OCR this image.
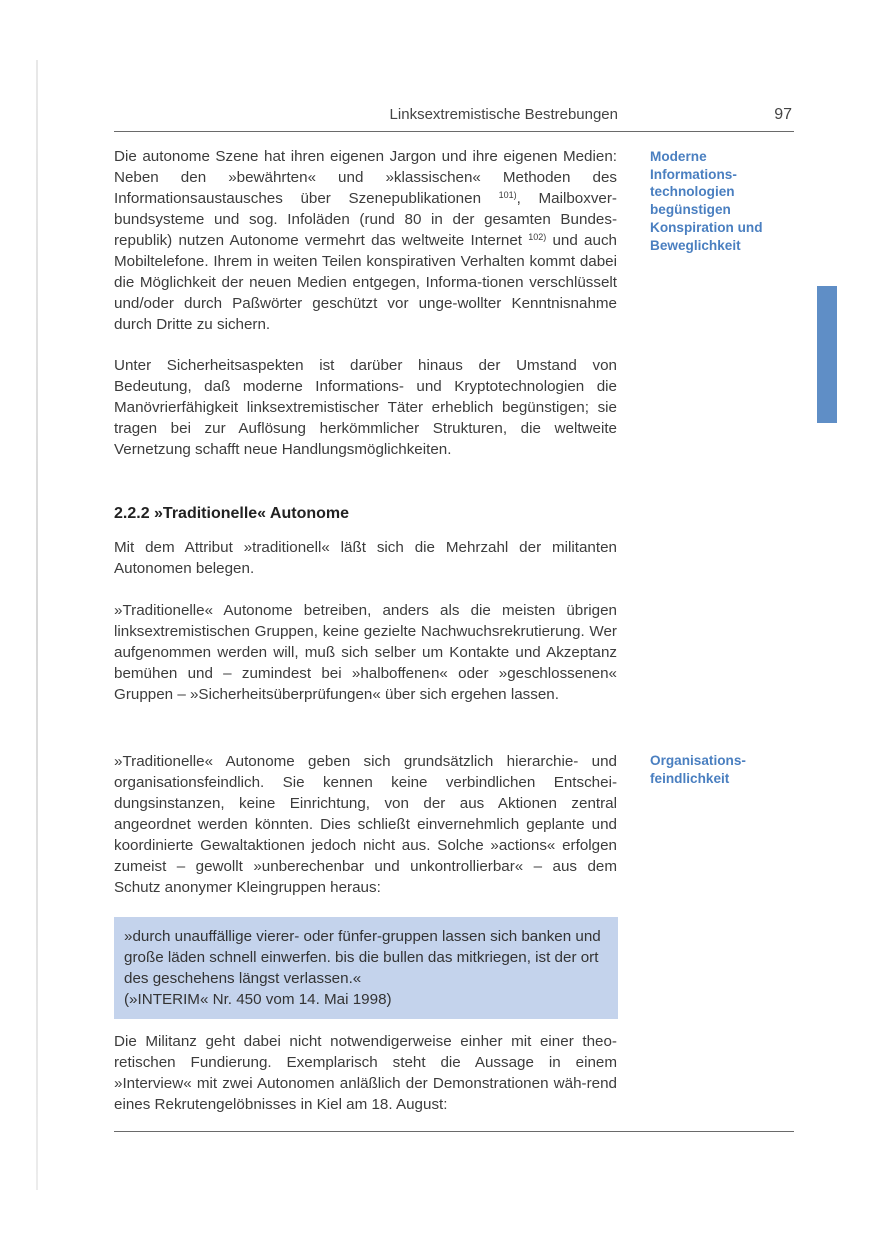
Linksextremistische Bestrebungen	97
Die autonome Szene hat ihren eigenen Jargon und ihre eigenen Medien: Neben den »bewährten« und »klassischen« Methoden des Informationsaustausches über Szenepublikationen $^{101)}$, Mailboxver-bundsysteme und sog. Infoläden (rund 80 in der gesamten Bundes-republik) nutzen Autonome vermehrt das weltweite Internet $^{102)}$ und auch Mobiltelefone. Ihrem in weiten Teilen konspirativen Verhalten kommt dabei die Möglichkeit der neuen Medien entgegen, Informa-tionen verschlüsselt und/oder durch Paßwörter geschützt vor unge-wollter Kenntnisnahme durch Dritte zu sichern.
Unter Sicherheitsaspekten ist darüber hinaus der Umstand von Bedeutung, daß moderne Informations- und Kryptotechnologien die Manövrierfähigkeit linksextremistischer Täter erheblich begünstigen; sie tragen bei zur Auflösung herkömmlicher Strukturen, die weltweite Vernetzung schafft neue Handlungsmöglichkeiten.
2.2.2 »Traditionelle« Autonome
Mit dem Attribut »traditionell« läßt sich die Mehrzahl der militanten Autonomen belegen.
»Traditionelle« Autonome betreiben, anders als die meisten übrigen linksextremistischen Gruppen, keine gezielte Nachwuchsrekrutierung. Wer aufgenommen werden will, muß sich selber um Kontakte und Akzeptanz bemühen und – zumindest bei »halboffenen« oder »geschlossenen« Gruppen – »Sicherheitsüberprüfungen« über sich ergehen lassen.
»Traditionelle« Autonome geben sich grundsätzlich hierarchie- und organisationsfeindlich. Sie kennen keine verbindlichen Entschei-dungsinstanzen, keine Einrichtung, von der aus Aktionen zentral angeordnet werden könnten. Dies schließt einvernehmlich geplante und koordinierte Gewaltaktionen jedoch nicht aus. Solche »actions« erfolgen zumeist – gewollt »unberechenbar und unkontrollierbar« – aus dem Schutz anonymer Kleingruppen heraus:

»durch unauffällige vierer- oder fünfer-gruppen lassen sich banken und große läden schnell einwerfen. bis die bullen das mitkriegen, ist der ort des geschehens längst verlassen.«
(»INTERIM« Nr. 450 vom 14. Mai 1998)

Die Militanz geht dabei nicht notwendigerweise einher mit einer theo-retischen Fundierung. Exemplarisch steht die Aussage in einem »Interview« mit zwei Autonomen anläßlich der Demonstrationen wäh-rend eines Rekrutengelöbnisses in Kiel am 18. August:
Moderne
Informations-
technologien
begünstigen
Konspiration und
Beweglichkeit
Organisations-
feindlichkeit
